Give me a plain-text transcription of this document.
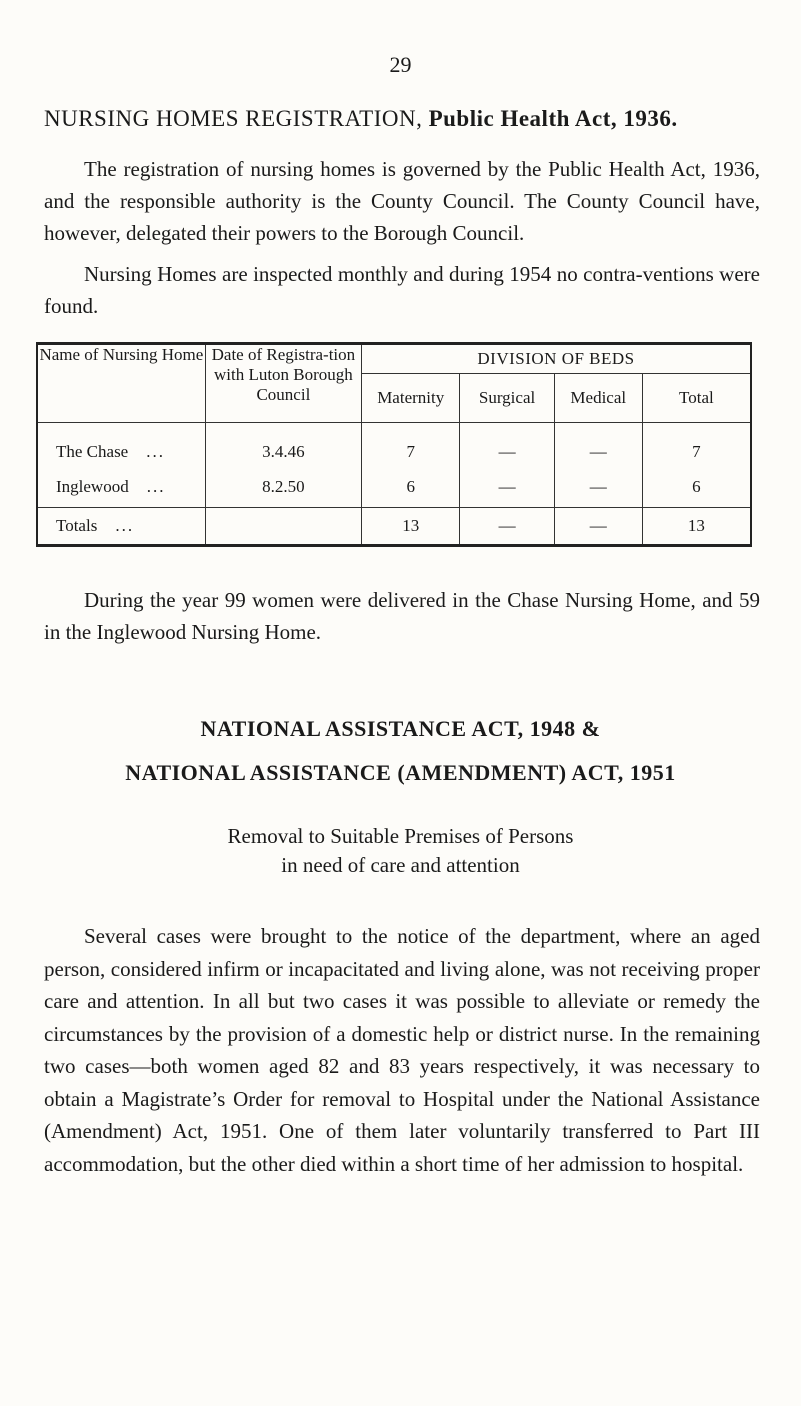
29
NURSING HOMES REGISTRATION, Public Health Act, 1936.

The registration of nursing homes is governed by the Public Health Act, 1936, and the responsible authority is the County Council. The County Council have, however, delegated their powers to the Borough Council.

Nursing Homes are inspected monthly and during 1954 no contra-ventions were found.

Name of Nursing Home	Date of Registra-tion with Luton Borough Council	DIVISION OF BEDS			
		Maternity	Surgical	Medical	Total
The Chase ...	3.4.46	7	—	—	7
Inglewood ...	8.2.50	6	—	—	6
Totals ...		13	—	—	13

During the year 99 women were delivered in the Chase Nursing Home, and 59 in the Inglewood Nursing Home.

NATIONAL ASSISTANCE ACT, 1948 &
NATIONAL ASSISTANCE (AMENDMENT) ACT, 1951
Removal to Suitable Premises of Persons
in need of care and attention

Several cases were brought to the notice of the department, where an aged person, considered infirm or incapacitated and living alone, was not receiving proper care and attention. In all but two cases it was possible to alleviate or remedy the circumstances by the provision of a domestic help or district nurse. In the remaining two cases—both women aged 82 and 83 years respectively, it was necessary to obtain a Magistrate’s Order for removal to Hospital under the National Assistance (Amendment) Act, 1951. One of them later voluntarily transferred to Part III accommodation, but the other died within a short time of her admission to hospital.
